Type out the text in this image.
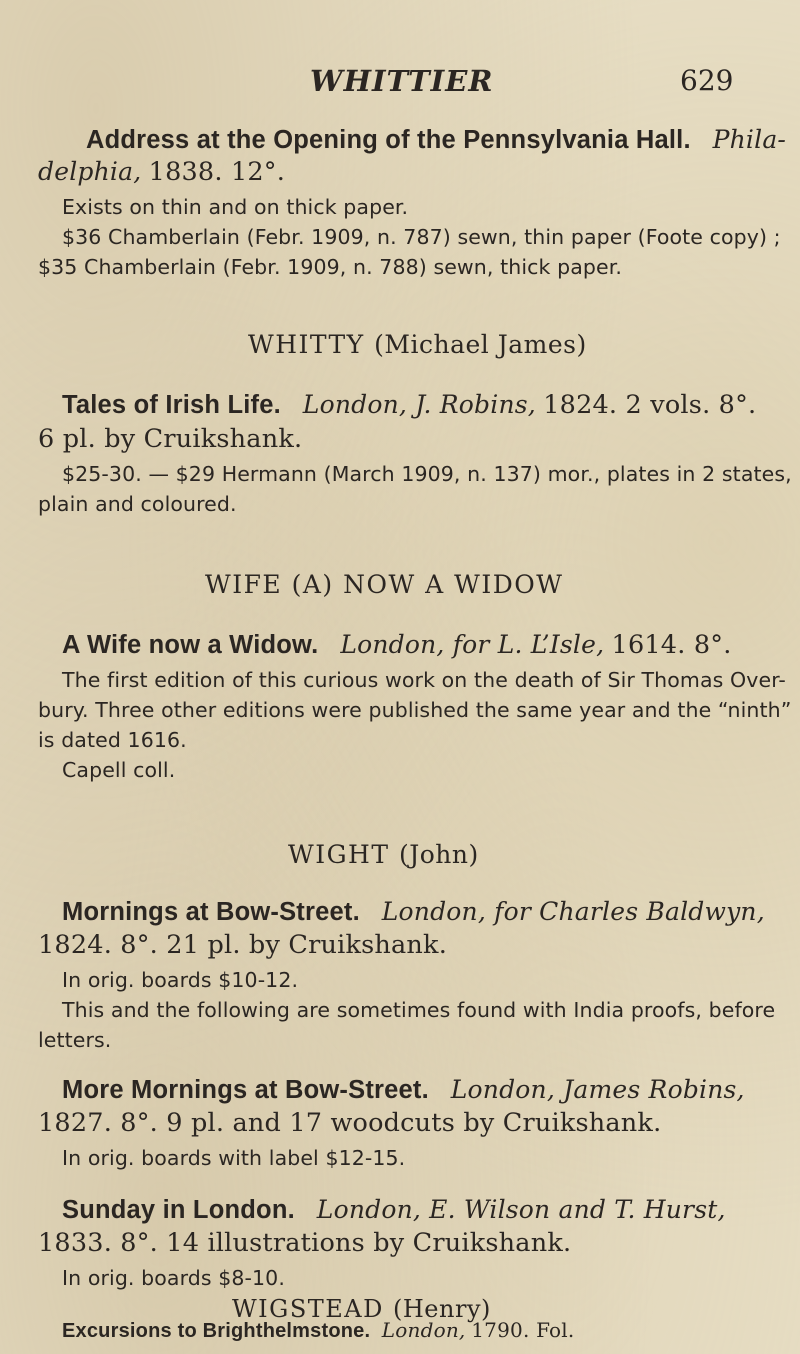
WHITTIER	629
Address at the Opening of the Pennsylvania Hall. Phila-
delphia, 1838. 12°.
Exists on thin and on thick paper.
$36 Chamberlain (Febr. 1909, n. 787) sewn, thin paper (Foote copy) ;
$35 Chamberlain (Febr. 1909, n. 788) sewn, thick paper.
WHITTY (Michael James)
Tales of Irish Life. London, J. Robins, 1824. 2 vols. 8°.
6 pl. by Cruikshank.
$25-30. — $29 Hermann (March 1909, n. 137) mor., plates in 2 states,
plain and coloured.
WIFE (A) NOW A WIDOW
A Wife now a Widow. London, for L. L’Isle, 1614. 8°.
The first edition of this curious work on the death of Sir Thomas Over-
bury. Three other editions were published the same year and the “ninth”
is dated 1616.
Capell coll.
WIGHT (John)
Mornings at Bow-Street. London, for Charles Baldwyn,
1824. 8°. 21 pl. by Cruikshank.
In orig. boards $10-12.
This and the following are sometimes found with India proofs, before
letters.
More Mornings at Bow-Street. London, James Robins,
1827. 8°. 9 pl. and 17 woodcuts by Cruikshank.
In orig. boards with label $12-15.
Sunday in London. London, E. Wilson and T. Hurst,
1833. 8°. 14 illustrations by Cruikshank.
In orig. boards $8-10.
WIGSTEAD (Henry)
Excursions to Brighthelmstone. London, 1790. Fol.
